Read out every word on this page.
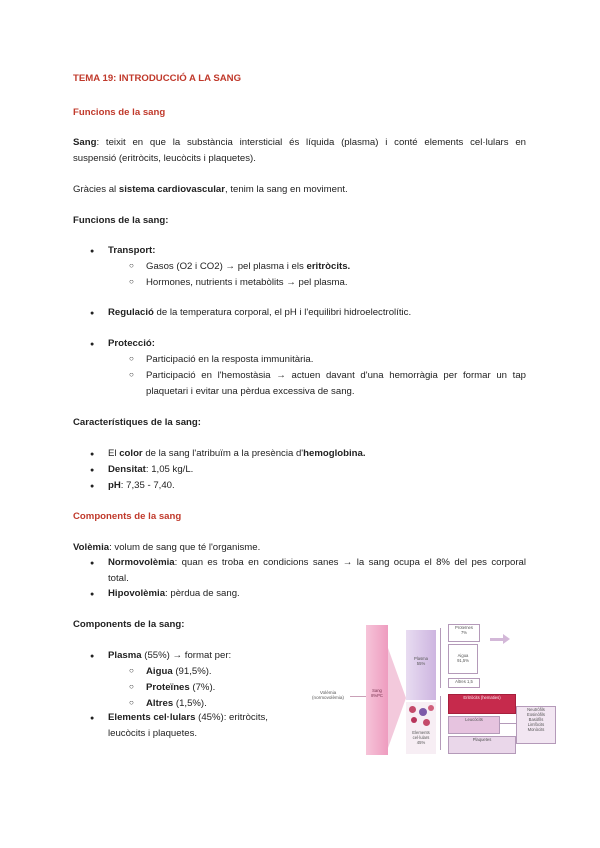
TEMA 19: INTRODUCCIÓ A LA SANG
Funcions de la sang
Sang: teixit en que la substància intersticial és líquida (plasma) i conté elements cel·lulars en
suspensió (eritròcits, leucòcits i plaquetes).
Gràcies al sistema cardiovascular, tenim la sang en moviment.
Funcions de la sang:
● Transport:
○ Gasos (O2 i CO2) → pel plasma i els eritròcits.
○ Hormones, nutrients i metabòlits → pel plasma.
● Regulació de la temperatura corporal, el pH i l'equilibri hidroelectrolític.
● Protecció:
○ Participació en la resposta immunitària.
○ Participació en l'hemostàsia → actuen davant d'una hemorràgia per formar un tap
plaquetari i evitar una pèrdua excessiva de sang.
Característiques de la sang:
● El color de la sang l'atribuïm a la presència d'hemoglobina.
● Densitat: 1,05 kg/L.
● pH: 7,35 - 7,40.
Components de la sang
Volèmia: volum de sang que té l'organisme.
● Normovolèmia: quan es troba en condicions sanes → la sang ocupa el 8% del pes corporal
total.
● Hipovolèmia: pèrdua de sang.
Components de la sang:
● Plasma (55%) → format per:
○ Aigua (91,5%).
○ Proteïnes (7%).
○ Altres (1,5%).
● Elements cel·lulars (45%): eritròcits,
leucòcits i plaquetes.
Volèmia
(normovolèmia)
Sang
8%PC
Plasma
55%
Elements
cel·lulars
45%
Proteïnes
7%
Aigua
91,5%
Altres 1,5
Eritròcits (hematies)
Leucòcits
Plaquetes
Neutròfils
Eosinòfils
Basòfils
Limfòcits
Monòcits
